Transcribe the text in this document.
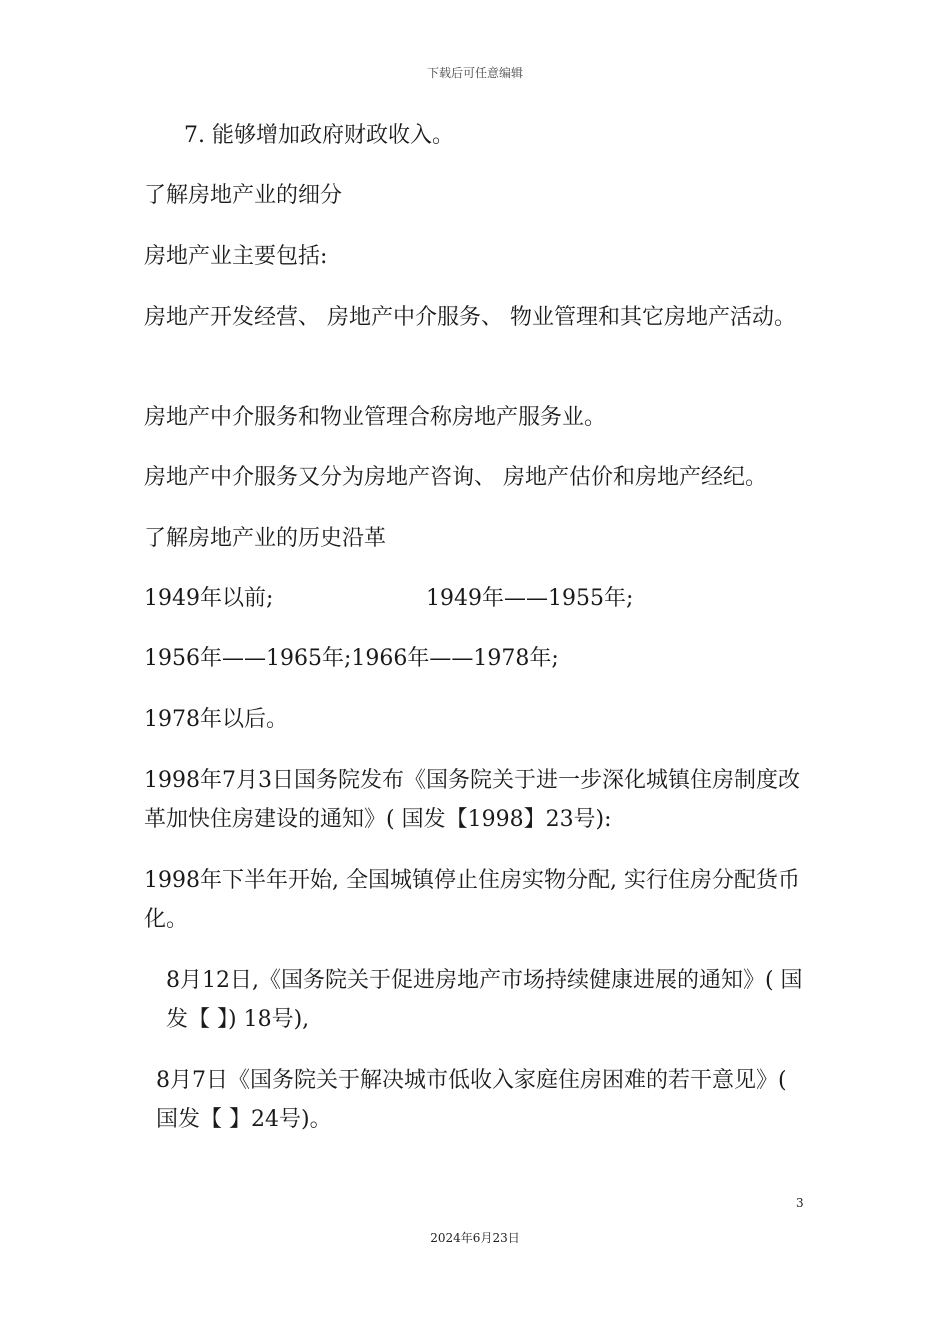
下载后可任意编辑

7. 能够增加政府财政收入。

了解房地产业的细分

房地产业主要包括:

房地产开发经营、 房地产中介服务、 物业管理和其它房地产活动。

房地产中介服务和物业管理合称房地产服务业。

房地产中介服务又分为房地产咨询、 房地产估价和房地产经纪。

了解房地产业的历史沿革

1949年以前;	1949年——1955年;

1956年——1965年;1966年——1978年;

1978年以后。

1998年7月3日国务院发布《国务院关于进一步深化城镇住房制度改革加快住房建设的通知》( 国发【1998】23号):

1998年下半年开始, 全国城镇停止住房实物分配, 实行住房分配货币化。

8月12日,《国务院关于促进房地产市场持续健康进展的通知》( 国发【 】) 18号),

8月7日《国务院关于解决城市低收入家庭住房困难的若干意见》( 国发【 】24号)。

3
2024年6月23日
